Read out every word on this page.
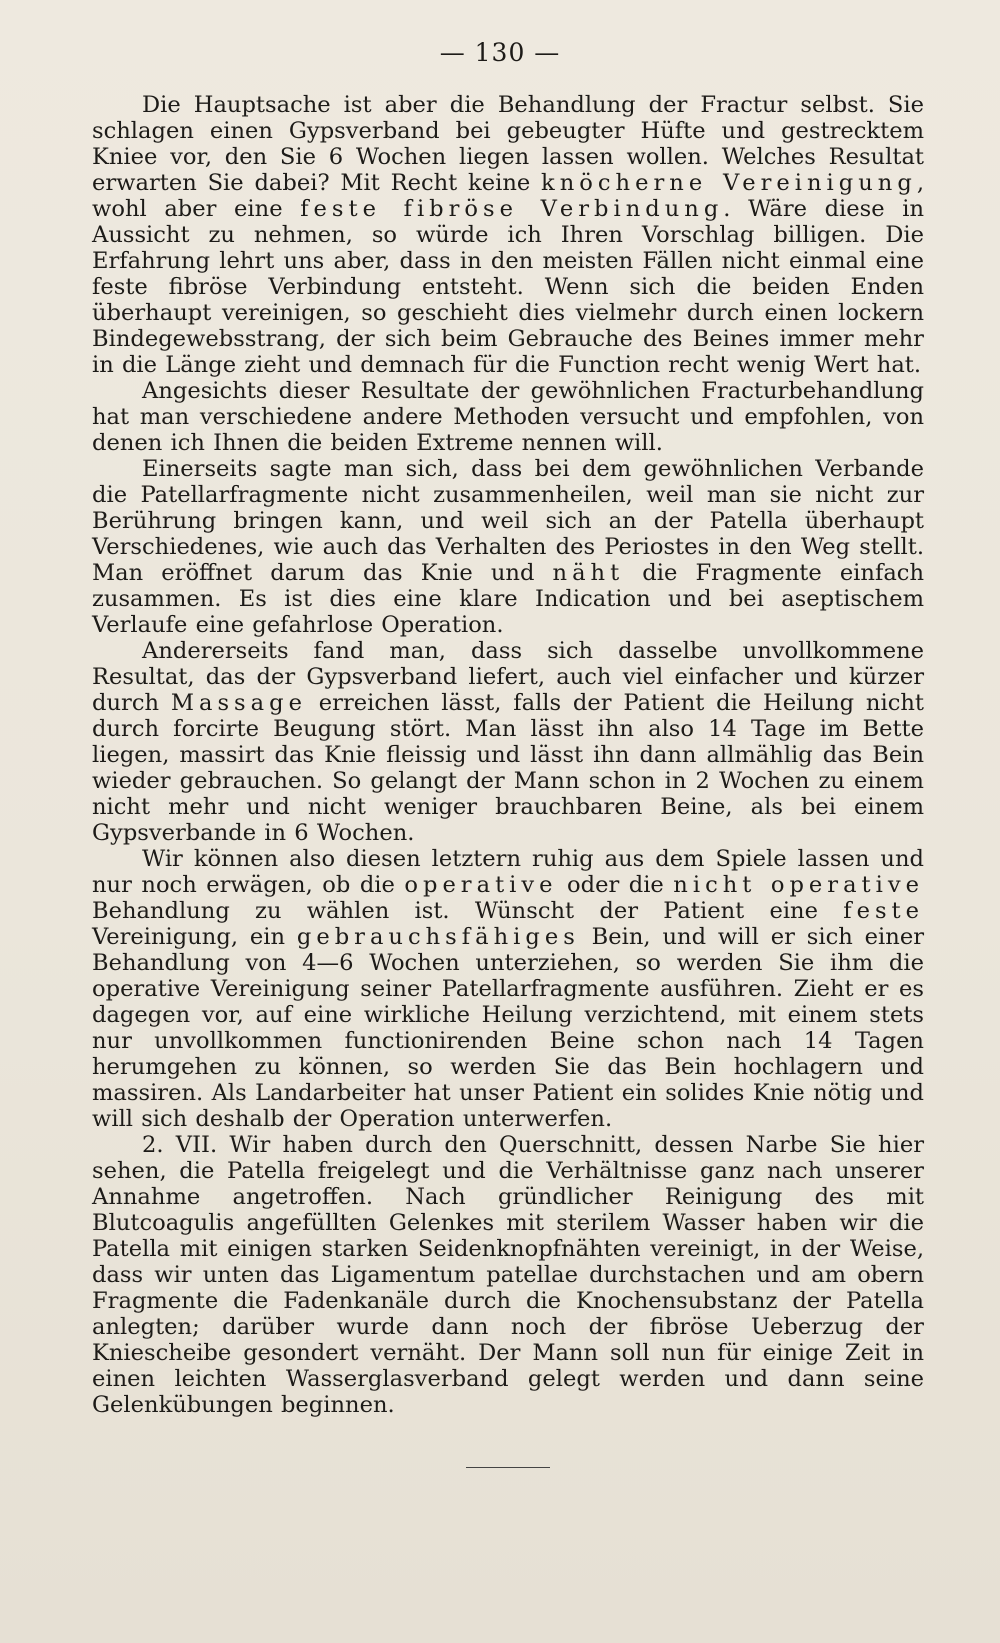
— 130 —

Die Hauptsache ist aber die Behandlung der Fractur selbst. Sie schlagen einen Gypsverband bei gebeugter Hüfte und gestrecktem Kniee vor, den Sie 6 Wochen liegen lassen wollen. Welches Resultat erwarten Sie dabei? Mit Recht keine knöcherne Vereinigung, wohl aber eine feste fibröse Verbindung. Wäre diese in Aussicht zu nehmen, so würde ich Ihren Vorschlag billigen. Die Erfahrung lehrt uns aber, dass in den meisten Fällen nicht einmal eine feste fibröse Verbindung entsteht. Wenn sich die beiden Enden überhaupt vereinigen, so geschieht dies vielmehr durch einen lockern Bindegewebsstrang, der sich beim Gebrauche des Beines immer mehr in die Länge zieht und demnach für die Function recht wenig Wert hat.

Angesichts dieser Resultate der gewöhnlichen Fracturbehandlung hat man verschiedene andere Methoden versucht und empfohlen, von denen ich Ihnen die beiden Extreme nennen will.

Einerseits sagte man sich, dass bei dem gewöhnlichen Verbande die Patellarfragmente nicht zusammenheilen, weil man sie nicht zur Berührung bringen kann, und weil sich an der Patella überhaupt Verschiedenes, wie auch das Verhalten des Periostes in den Weg stellt. Man eröffnet darum das Knie und näht die Fragmente einfach zusammen. Es ist dies eine klare Indication und bei aseptischem Verlaufe eine gefahrlose Operation.

Andererseits fand man, dass sich dasselbe unvollkommene Resultat, das der Gypsverband liefert, auch viel einfacher und kürzer durch Massage erreichen lässt, falls der Patient die Heilung nicht durch forcirte Beugung stört. Man lässt ihn also 14 Tage im Bette liegen, massirt das Knie fleissig und lässt ihn dann allmählig das Bein wieder gebrauchen. So gelangt der Mann schon in 2 Wochen zu einem nicht mehr und nicht weniger brauchbaren Beine, als bei einem Gypsverbande in 6 Wochen.

Wir können also diesen letztern ruhig aus dem Spiele lassen und nur noch erwägen, ob die operative oder die nicht operative Behandlung zu wählen ist. Wünscht der Patient eine feste Vereinigung, ein gebrauchsfähiges Bein, und will er sich einer Behandlung von 4—6 Wochen unterziehen, so werden Sie ihm die operative Vereinigung seiner Patellarfragmente ausführen. Zieht er es dagegen vor, auf eine wirkliche Heilung verzichtend, mit einem stets nur unvollkommen functionirenden Beine schon nach 14 Tagen herumgehen zu können, so werden Sie das Bein hochlagern und massiren. Als Landarbeiter hat unser Patient ein solides Knie nötig und will sich deshalb der Operation unterwerfen.

2. VII. Wir haben durch den Querschnitt, dessen Narbe Sie hier sehen, die Patella freigelegt und die Verhältnisse ganz nach unserer Annahme angetroffen. Nach gründlicher Reinigung des mit Blutcoagulis angefüllten Gelenkes mit sterilem Wasser haben wir die Patella mit einigen starken Seidenknopfnähten vereinigt, in der Weise, dass wir unten das Ligamentum patellae durchstachen und am obern Fragmente die Fadenkanäle durch die Knochensubstanz der Patella anlegten; darüber wurde dann noch der fibröse Ueberzug der Kniescheibe gesondert vernäht. Der Mann soll nun für einige Zeit in einen leichten Wasserglasverband gelegt werden und dann seine Gelenkübungen beginnen.
